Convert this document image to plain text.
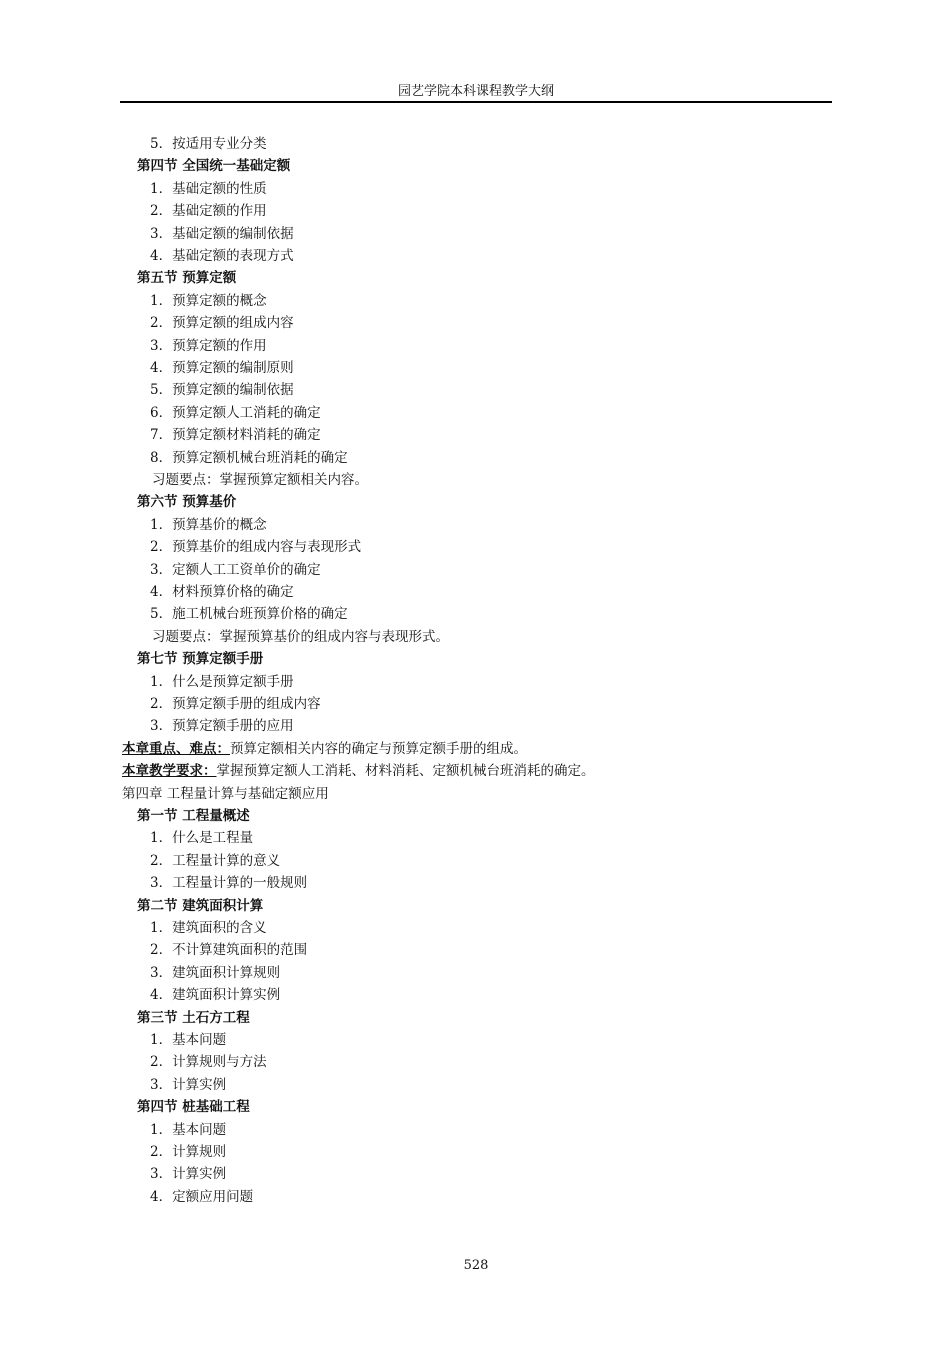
园艺学院本科课程教学大纲
5．按适用专业分类
第四节 全国统一基础定额
1．基础定额的性质
2．基础定额的作用
3．基础定额的编制依据
4．基础定额的表现方式
第五节 预算定额
1．预算定额的概念
2．预算定额的组成内容
3．预算定额的作用
4．预算定额的编制原则
5．预算定额的编制依据
6．预算定额人工消耗的确定
7．预算定额材料消耗的确定
8．预算定额机械台班消耗的确定
习题要点：掌握预算定额相关内容。
第六节 预算基价
1．预算基价的概念
2．预算基价的组成内容与表现形式
3．定额人工工资单价的确定
4．材料预算价格的确定
5．施工机械台班预算价格的确定
习题要点：掌握预算基价的组成内容与表现形式。
第七节 预算定额手册
1．什么是预算定额手册
2．预算定额手册的组成内容
3．预算定额手册的应用
本章重点、难点：预算定额相关内容的确定与预算定额手册的组成。
本章教学要求：掌握预算定额人工消耗、材料消耗、定额机械台班消耗的确定。
第四章 工程量计算与基础定额应用
第一节 工程量概述
1．什么是工程量
2．工程量计算的意义
3．工程量计算的一般规则
第二节 建筑面积计算
1．建筑面积的含义
2．不计算建筑面积的范围
3．建筑面积计算规则
4．建筑面积计算实例
第三节 土石方工程
1．基本问题
2．计算规则与方法
3．计算实例
第四节 桩基础工程
1．基本问题
2．计算规则
3．计算实例
4．定额应用问题
528
